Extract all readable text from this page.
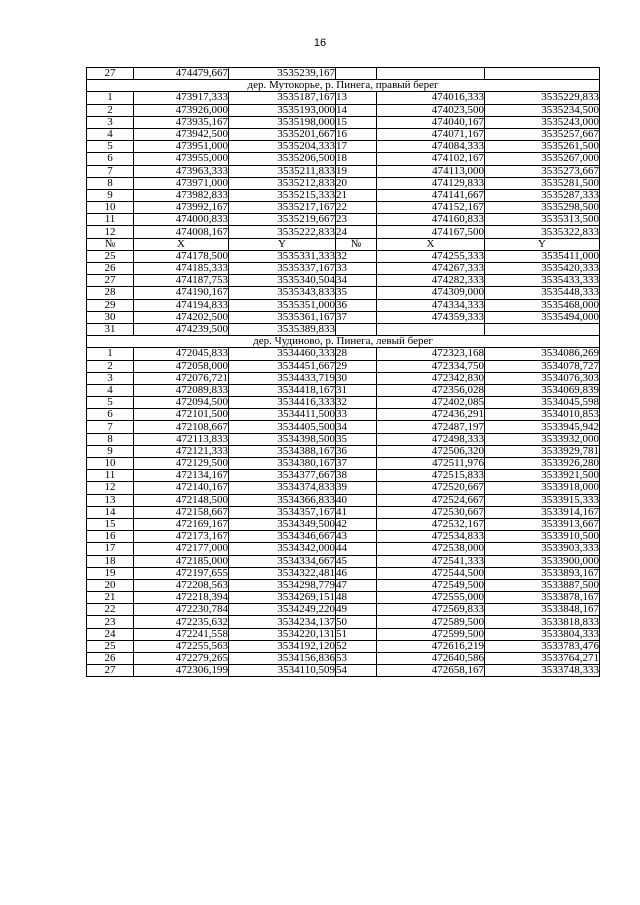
16
27	474479,667	3535239,167			
дер. Мутокорье, р. Пинега, правый берег					
1	473917,333	3535187,167	13	474016,333	3535229,833
2	473926,000	3535193,000	14	474023,500	3535234,500
3	473935,167	3535198,000	15	474040,167	3535243,000
4	473942,500	3535201,667	16	474071,167	3535257,667
5	473951,000	3535204,333	17	474084,333	3535261,500
6	473955,000	3535206,500	18	474102,167	3535267,000
7	473963,333	3535211,833	19	474113,000	3535273,667
8	473971,000	3535212,833	20	474129,833	3535281,500
9	473982,833	3535215,333	21	474141,667	3535287,333
10	473992,167	3535217,167	22	474152,167	3535298,500
11	474000,833	3535219,667	23	474160,833	3535313,500
12	474008,167	3535222,833	24	474167,500	3535322,833
№	X	Y	№	X	Y
25	474178,500	3535331,333	32	474255,333	3535411,000
26	474185,333	3535337,167	33	474267,333	3535420,333
27	474187,753	3535340,504	34	474282,333	3535433,333
28	474190,167	3535343,833	35	474309,000	3535448,333
29	474194,833	3535351,000	36	474334,333	3535468,000
30	474202,500	3535361,167	37	474359,333	3535494,000
31	474239,500	3535389,833			
дер. Чудиново, р. Пинега, левый берег					
1	472045,833	3534460,333	28	472323,168	3534086,269
2	472058,000	3534451,667	29	472334,750	3534078,727
3	472076,721	3534433,719	30	472342,830	3534076,303
4	472089,833	3534418,167	31	472356,028	3534069,839
5	472094,500	3534416,333	32	472402,085	3534045,598
6	472101,500	3534411,500	33	472436,291	3534010,853
7	472108,667	3534405,500	34	472487,197	3533945,942
8	472113,833	3534398,500	35	472498,333	3533932,000
9	472121,333	3534388,167	36	472506,320	3533929,781
10	472129,500	3534380,167	37	472511,976	3533926,280
11	472134,167	3534377,667	38	472515,833	3533921,500
12	472140,167	3534374,833	39	472520,667	3533918,000
13	472148,500	3534366,833	40	472524,667	3533915,333
14	472158,667	3534357,167	41	472530,667	3533914,167
15	472169,167	3534349,500	42	472532,167	3533913,667
16	472173,167	3534346,667	43	472534,833	3533910,500
17	472177,000	3534342,000	44	472538,000	3533903,333
18	472185,000	3534334,667	45	472541,333	3533900,000
19	472197,655	3534322,481	46	472544,500	3533893,167
20	472208,563	3534298,779	47	472549,500	3533887,500
21	472218,394	3534269,151	48	472555,000	3533878,167
22	472230,784	3534249,220	49	472569,833	3533848,167
23	472235,632	3534234,137	50	472589,500	3533818,833
24	472241,558	3534220,131	51	472599,500	3533804,333
25	472255,563	3534192,120	52	472616,219	3533783,476
26	472279,265	3534156,836	53	472640,586	3533764,271
27	472306,199	3534110,509	54	472658,167	3533748,333
